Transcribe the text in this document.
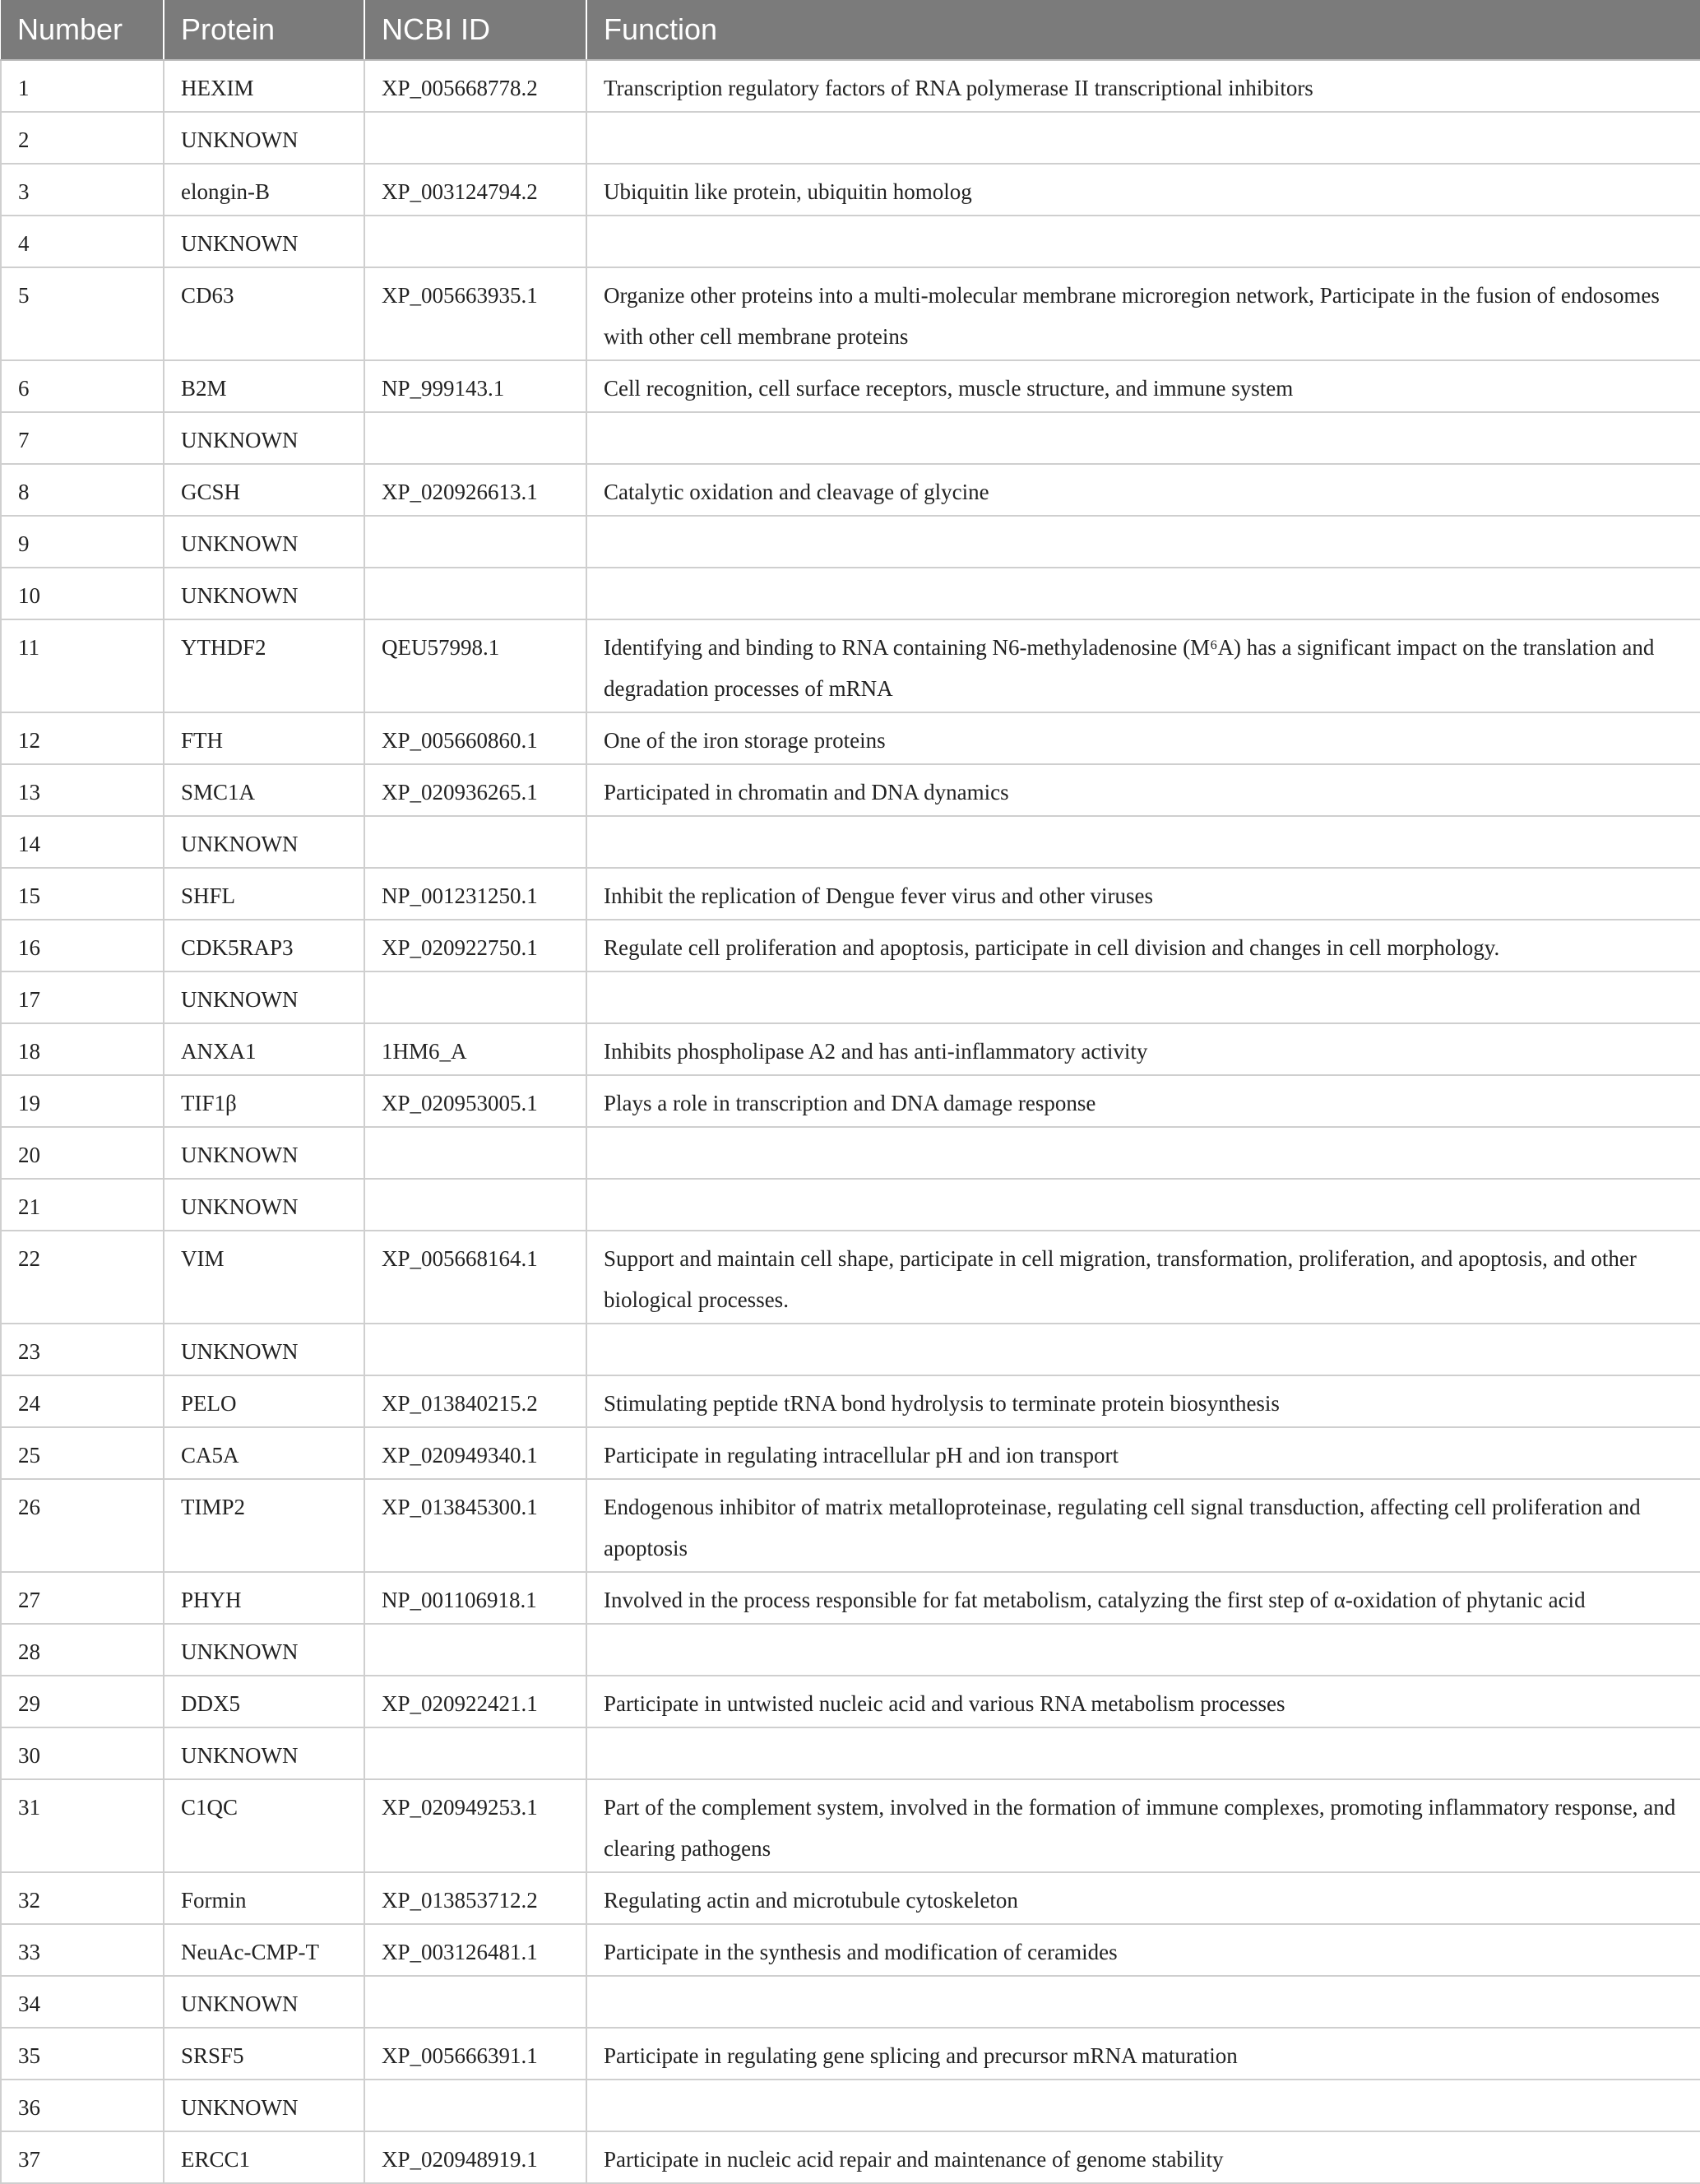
Number	Protein	NCBI ID	Function
1	HEXIM	XP_005668778.2	Transcription regulatory factors of RNA polymerase II transcriptional inhibitors
2	UNKNOWN		
3	elongin-B	XP_003124794.2	Ubiquitin like protein, ubiquitin homolog
4	UNKNOWN		
5	CD63	XP_005663935.1	Organize other proteins into a multi-molecular membrane microregion network, Participate in the fusion of endosomes with other cell membrane proteins
6	B2M	NP_999143.1	Cell recognition, cell surface receptors, muscle structure, and immune system
7	UNKNOWN		
8	GCSH	XP_020926613.1	Catalytic oxidation and cleavage of glycine
9	UNKNOWN		
10	UNKNOWN		
11	YTHDF2	QEU57998.1	Identifying and binding to RNA containing N6-methyladenosine (M⁶A) has a significant impact on the translation and degradation processes of mRNA
12	FTH	XP_005660860.1	One of the iron storage proteins
13	SMC1A	XP_020936265.1	Participated in chromatin and DNA dynamics
14	UNKNOWN		
15	SHFL	NP_001231250.1	Inhibit the replication of Dengue fever virus and other viruses
16	CDK5RAP3	XP_020922750.1	Regulate cell proliferation and apoptosis, participate in cell division and changes in cell morphology.
17	UNKNOWN		
18	ANXA1	1HM6_A	Inhibits phospholipase A2 and has anti-inflammatory activity
19	TIF1β	XP_020953005.1	Plays a role in transcription and DNA damage response
20	UNKNOWN		
21	UNKNOWN		
22	VIM	XP_005668164.1	Support and maintain cell shape, participate in cell migration, transformation, proliferation, and apoptosis, and other biological processes.
23	UNKNOWN		
24	PELO	XP_013840215.2	Stimulating peptide tRNA bond hydrolysis to terminate protein biosynthesis
25	CA5A	XP_020949340.1	Participate in regulating intracellular pH and ion transport
26	TIMP2	XP_013845300.1	Endogenous inhibitor of matrix metalloproteinase, regulating cell signal transduction, affecting cell proliferation and apoptosis
27	PHYH	NP_001106918.1	Involved in the process responsible for fat metabolism, catalyzing the first step of α-oxidation of phytanic acid
28	UNKNOWN		
29	DDX5	XP_020922421.1	Participate in untwisted nucleic acid and various RNA metabolism processes
30	UNKNOWN		
31	C1QC	XP_020949253.1	Part of the complement system, involved in the formation of immune complexes, promoting inflammatory response, and clearing pathogens
32	Formin	XP_013853712.2	Regulating actin and microtubule cytoskeleton
33	NeuAc-CMP-T	XP_003126481.1	Participate in the synthesis and modification of ceramides
34	UNKNOWN		
35	SRSF5	XP_005666391.1	Participate in regulating gene splicing and precursor mRNA maturation
36	UNKNOWN		
37	ERCC1	XP_020948919.1	Participate in nucleic acid repair and maintenance of genome stability
